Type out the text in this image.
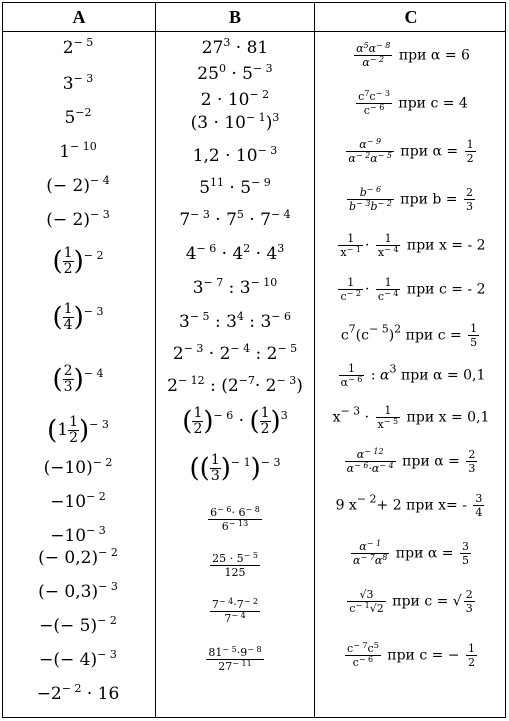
A	B	C
$2^{- 5}$
$3^{- 3}$
$5^{-2}$
$1^{- 10}$
(− 2)$^{- 4}$
(− 2)$^{- 3}$
( $\frac{1}{2} )^{- 2}$
( $\frac{1}{4} )^{- 3}$
( $\frac{2}{3} )^{- 4}$
$(1 \frac{1}{2} )^{- 3}$
$(-10)^{- 2}$
$-10^{- 2}$
$-10^{- 3}$
(− 0,2)$^{- 2}$
(− 0,3)$^{- 3}$
−(− 5)$^{- 2}$
−(− 4)$^{- 3}$
$-2^{- 2} \cdot 16$
$27^3 \cdot 81$
$25^0 \cdot 5^{- 3}$
$2 \cdot 10^{- 2}$
$(3 \cdot 10^{- 1})^3$
$1,2 \cdot 10^{- 3}$
$5^{11} \cdot 5^{- 9}$
$7^{- 3} \cdot 7^5 \cdot 7^{- 4}$
$4^{- 6} \cdot 4^2 \cdot 4^3$
$3^{- 7}$ : $3^{- 10}$
$3^{- 5}$ : $3^4$ : $3^{- 6}$
$2^{- 3} \cdot 2^{- 4}$ : $2^{- 5}$
$2^{- 12}$ : $(2^{-7}\cdot 2^{- 3})$
( $\frac{1}{2} )^{- 6}$ · ( $\frac{1}{2} )^3$
(( $\frac{1}{3} )^{- 1})^{- 3}$
$\frac{6^{- 6}\cdot 6^{- 8}}{6^{- 13}}$
$\frac{25 \cdot 5^{- 5}}{125}$
$\frac{7^{- 4}\cdot 7^{- 2}}{7^{- 4}}$
$\frac{81^{- 5}\cdot 9^{- 8}}{27^{- 11}}$
$\frac{\alpha^5\alpha^{- 8}}{\alpha^{- 2}}$ при α = 6
$\frac{c^7c^{- 3}}{c^{- 6}}$ при c = 4
$\frac{\alpha^{- 9}}{\alpha^{- 2}\alpha^{- 5}}$ при $\alpha = \frac{1}{2}$
$\frac{b^{- 6}}{b^{- 3}b^{- 2}}$ при $b = \frac{2}{3}$
$\frac{1}{x^{- 1}} \cdot \frac{1}{x^{- 4}}$ при x = - 2
$\frac{1}{c^{- 2}} \cdot \frac{1}{c^{- 4}}$ при c = - 2
$c^7(c^{- 5})^2$ при $c = \frac{1}{5}$
$\frac{1}{\alpha^{- 6}}$ : $\alpha^3$ при α = 0,1
$x^{- 3} \cdot \frac{1}{x^{- 5}}$ при x = 0,1
$\frac{\alpha^{- 12}}{\alpha^{- 6}\cdot\alpha^{- 4}}$ при $\alpha = \frac{2}{3}$
9 $x^{- 2}+ 2$ при $x= - \frac{3}{4}$
$\frac{\alpha^{- 1}}{\alpha^{- 7}\alpha^8}$ при $\alpha = \frac{3}{5}$
$\frac{√3}{c^{- 1}√2}$ при c = √ $\frac{2}{3}$
$\frac{c^{- 7}c^5}{c^{- 6}}$ при c = − $\frac{1}{2}$
